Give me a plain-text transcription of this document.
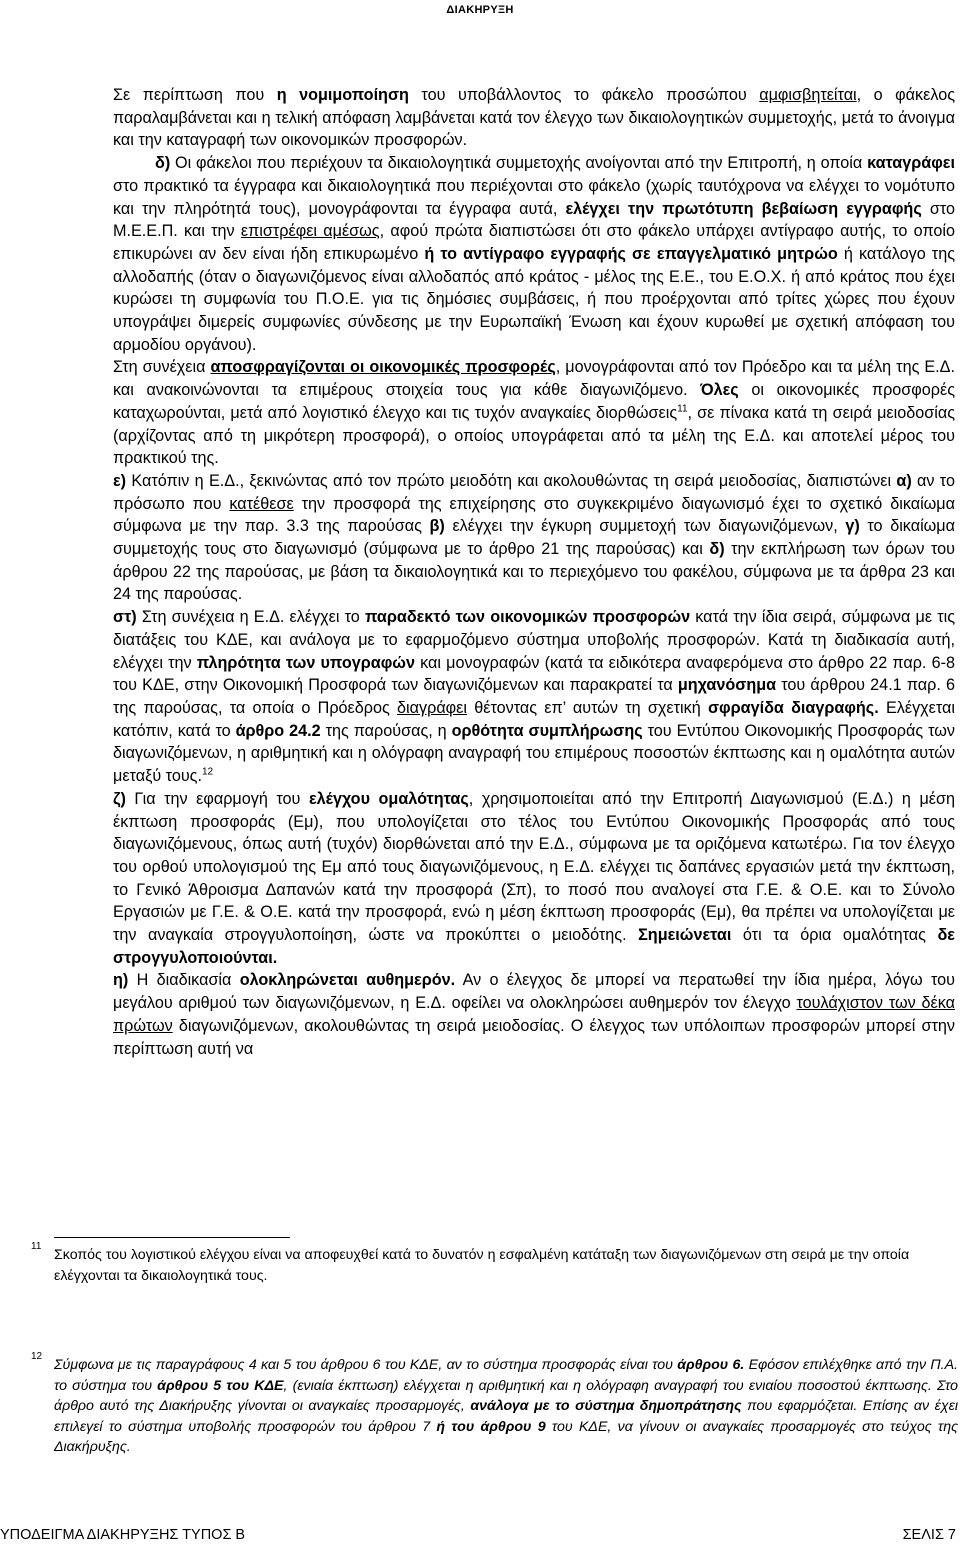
ΔΙΑΚΗΡΥΞΗ

Σε περίπτωση που η νομιμοποίηση του υποβάλλοντος το φάκελο προσώπου αμφισβητείται, ο φάκελος παραλαμβάνεται και η τελική απόφαση λαμβάνεται κατά τον έλεγχο των δικαιολογητικών συμμετοχής, μετά το άνοιγμα και την καταγραφή των οικονομικών προσφορών.

δ) Οι φάκελοι που περιέχουν τα δικαιολογητικά συμμετοχής ανοίγονται από την Επιτροπή, η οποία καταγράφει στο πρακτικό τα έγγραφα και δικαιολογητικά που περιέχονται στο φάκελο (χωρίς ταυτόχρονα να ελέγχει το νομότυπο και την πληρότητά τους), μονογράφονται τα έγγραφα αυτά, ελέγχει την πρωτότυπη βεβαίωση εγγραφής στο Μ.Ε.Ε.Π. και την επιστρέφει αμέσως, αφού πρώτα διαπιστώσει ότι στο φάκελο υπάρχει αντίγραφο αυτής, το οποίο επικυρώνει αν δεν είναι ήδη επικυρωμένο ή το αντίγραφο εγγραφής σε επαγγελματικό μητρώο ή κατάλογο της αλλοδαπής (όταν ο διαγωνιζόμενος είναι αλλοδαπός από κράτος - μέλος της Ε.Ε., του Ε.Ο.Χ. ή από κράτος που έχει κυρώσει τη συμφωνία του Π.Ο.Ε. για τις δημόσιες συμβάσεις, ή που προέρχονται από τρίτες χώρες που έχουν υπογράψει διμερείς συμφωνίες σύνδεσης με την Ευρωπαϊκή Ένωση και έχουν κυρωθεί με σχετική απόφαση του αρμοδίου οργάνου).

Στη συνέχεια αποσφραγίζονται οι οικονομικές προσφορές, μονογράφονται από τον Πρόεδρο και τα μέλη της Ε.Δ. και ανακοινώνονται τα επιμέρους στοιχεία τους για κάθε διαγωνιζόμενο. Όλες οι οικονομικές προσφορές καταχωρούνται, μετά από λογιστικό έλεγχο και τις τυχόν αναγκαίες διορθώσεις$^{11}$, σε πίνακα κατά τη σειρά μειοδοσίας (αρχίζοντας από τη μικρότερη προσφορά), ο οποίος υπογράφεται από τα μέλη της Ε.Δ. και αποτελεί μέρος του πρακτικού της.

ε) Κατόπιν η Ε.Δ., ξεκινώντας από τον πρώτο μειοδότη και ακολουθώντας τη σειρά μειοδοσίας, διαπιστώνει α) αν το πρόσωπο που κατέθεσε την προσφορά της επιχείρησης στο συγκεκριμένο διαγωνισμό έχει το σχετικό δικαίωμα σύμφωνα με την παρ. 3.3 της παρούσας β) ελέγχει την έγκυρη συμμετοχή των διαγωνιζόμενων, γ) το δικαίωμα συμμετοχής τους στο διαγωνισμό (σύμφωνα με το άρθρο 21 της παρούσας) και δ) την εκπλήρωση των όρων του άρθρου 22 της παρούσας, με βάση τα δικαιολογητικά και το περιεχόμενο του φακέλου, σύμφωνα με τα άρθρα 23 και 24 της παρούσας.

στ) Στη συνέχεια η Ε.Δ. ελέγχει το παραδεκτό των οικονομικών προσφορών κατά την ίδια σειρά, σύμφωνα με τις διατάξεις του ΚΔΕ, και ανάλογα με το εφαρμοζόμενο σύστημα υποβολής προσφορών. Κατά τη διαδικασία αυτή, ελέγχει την πληρότητα των υπογραφών και μονογραφών (κατά τα ειδικότερα αναφερόμενα στο άρθρο 22 παρ. 6-8 του ΚΔΕ, στην Οικονομική Προσφορά των διαγωνιζόμενων και παρακρατεί τα μηχανόσημα του άρθρου 24.1 παρ. 6 της παρούσας, τα οποία ο Πρόεδρος διαγράφει θέτοντας επ’ αυτών τη σχετική σφραγίδα διαγραφής. Ελέγχεται κατόπιν, κατά το άρθρο 24.2 της παρούσας, η ορθότητα συμπλήρωσης του Εντύπου Οικονομικής Προσφοράς των διαγωνιζόμενων, η αριθμητική και η ολόγραφη αναγραφή του επιμέρους ποσοστών έκπτωσης και η ομαλότητα αυτών μεταξύ τους.$^{12}$

ζ) Για την εφαρμογή του ελέγχου ομαλότητας, χρησιμοποιείται από την Επιτροπή Διαγωνισμού (Ε.Δ.) η μέση έκπτωση προσφοράς (Εμ), που υπολογίζεται στο τέλος του Εντύπου Οικονομικής Προσφοράς από τους διαγωνιζόμενους, όπως αυτή (τυχόν) διορθώνεται από την Ε.Δ., σύμφωνα με τα οριζόμενα κατωτέρω. Για τον έλεγχο του ορθού υπολογισμού της Εμ από τους διαγωνιζόμενους, η Ε.Δ. ελέγχει τις δαπάνες εργασιών μετά την έκπτωση, το Γενικό Άθροισμα Δαπανών κατά την προσφορά (Σπ), το ποσό που αναλογεί στα Γ.Ε. & Ο.Ε. και το Σύνολο Εργασιών με Γ.Ε. & Ο.Ε. κατά την προσφορά, ενώ η μέση έκπτωση προσφοράς (Εμ), θα πρέπει να υπολογίζεται με την αναγκαία στρογγυλοποίηση, ώστε να προκύπτει ο μειοδότης. Σημειώνεται ότι τα όρια ομαλότητας δε στρογγυλοποιούνται.

η) Η διαδικασία ολοκληρώνεται αυθημερόν. Αν ο έλεγχος δε μπορεί να περατωθεί την ίδια ημέρα, λόγω του μεγάλου αριθμού των διαγωνιζόμενων, η Ε.Δ. οφείλει να ολοκληρώσει αυθημερόν τον έλεγχο τουλάχιστον των δέκα πρώτων διαγωνιζόμενων, ακολουθώντας τη σειρά μειοδοσίας. Ο έλεγχος των υπόλοιπων προσφορών μπορεί στην περίπτωση αυτή να

11
Σκοπός του λογιστικού ελέγχου είναι να αποφευχθεί κατά το δυνατόν η εσφαλμένη κατάταξη των διαγωνιζόμενων στη σειρά με την οποία ελέγχονται τα δικαιολογητικά τους.
12
Σύμφωνα με τις παραγράφους 4 και 5 του άρθρου 6 του ΚΔΕ, αν το σύστημα προσφοράς είναι του άρθρου 6. Εφόσον επιλέχθηκε από την Π.Α. το σύστημα του άρθρου 5 του ΚΔΕ, (ενιαία έκπτωση) ελέγχεται η αριθμητική και η ολόγραφη αναγραφή του ενιαίου ποσοστού έκπτωσης. Στο άρθρο αυτό της Διακήρυξης γίνονται οι αναγκαίες προσαρμογές, ανάλογα με το σύστημα δημοπράτησης που εφαρμόζεται. Επίσης αν έχει επιλεγεί το σύστημα υποβολής προσφορών του άρθρου 7 ή του άρθρου 9 του ΚΔΕ, να γίνουν οι αναγκαίες προσαρμογές στο τεύχος της Διακήρυξης.
ΥΠΟΔΕΙΓΜΑ ΔΙΑΚΗΡΥΞΗΣ ΤΥΠΟΣ Β	ΣΕΛΙΣ 7
